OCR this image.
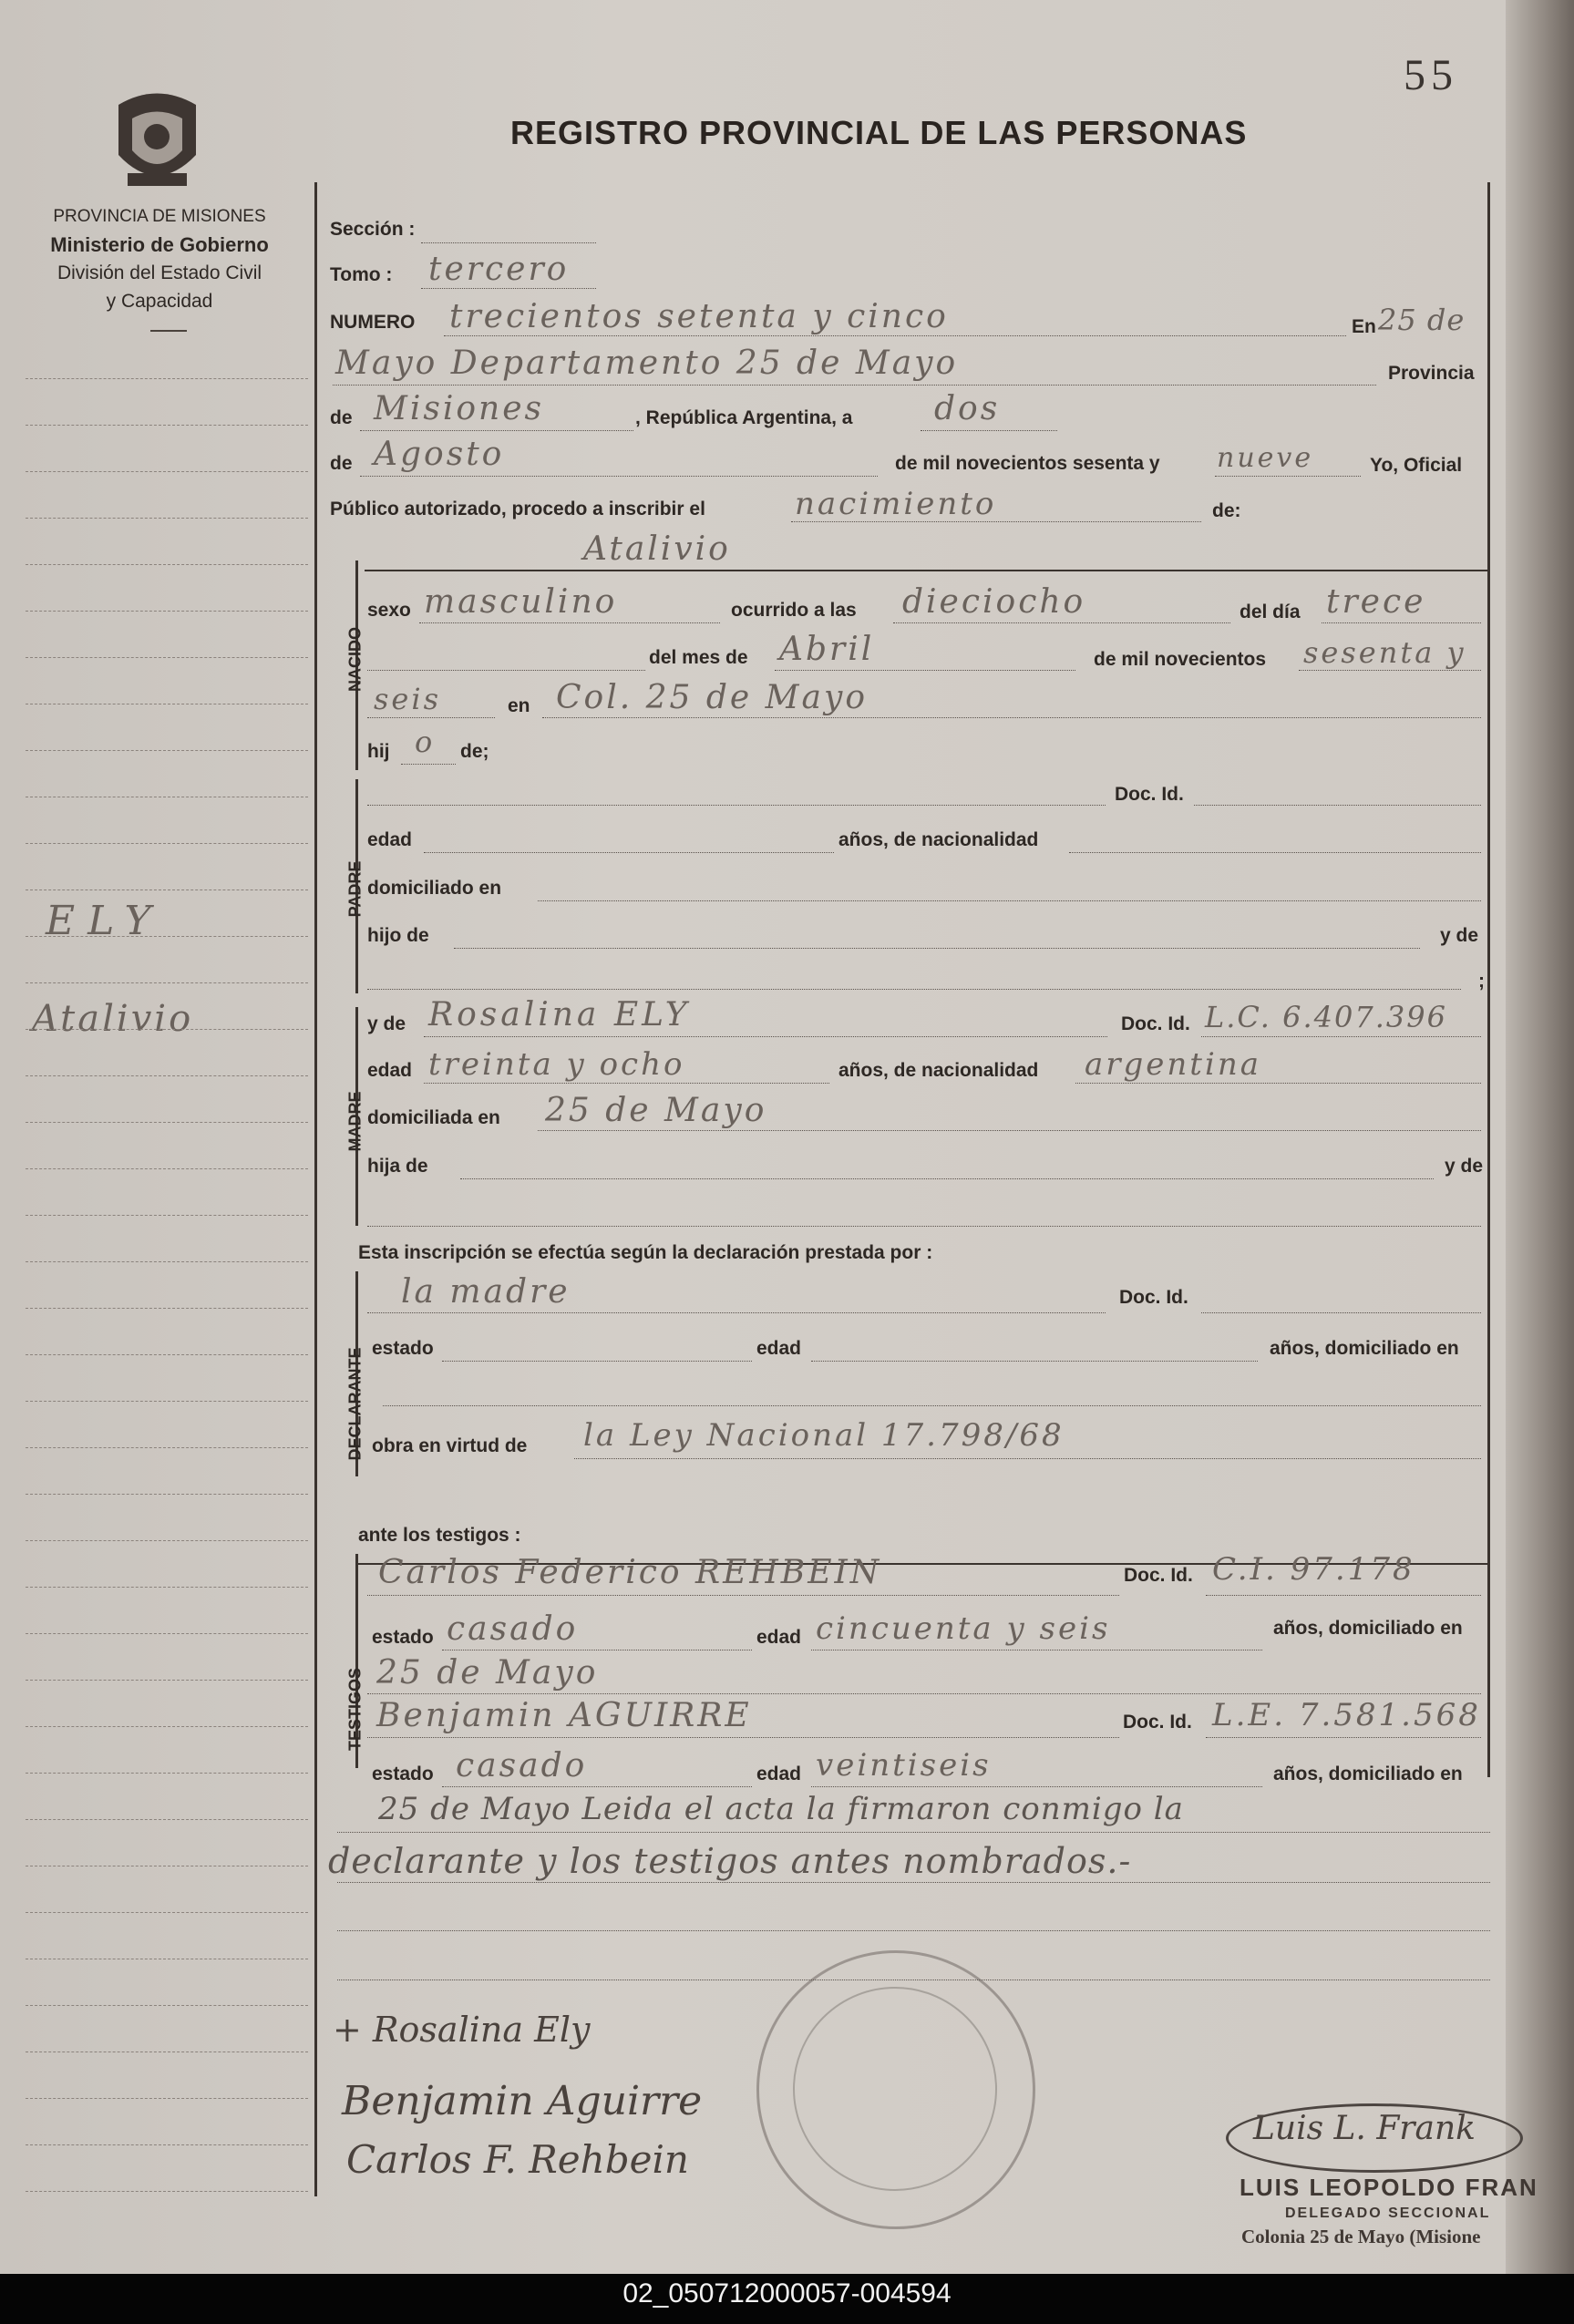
55
REGISTRO PROVINCIAL DE LAS PERSONAS
PROVINCIA DE MISIONES
Ministerio de Gobierno
División del Estado Civil
y Capacidad
ELY
Atalivio
Sección :
Tomo : tercero
NUMERO trecientos setenta y cinco	En 25 de
Mayo Departamento 25 de Mayo	Provincia
de Misiones	, República Argentina, a dos
de Agosto	de mil novecientos sesenta y nueve	Yo, Oficial
Público autorizado, procedo a inscribir el	nacimiento	de:
NACIDO
Atalivio
sexo masculino	ocurrido a las dieciocho	del día trece
del mes de Abril	de mil novecientos sesenta y
seis	en Col. 25 de Mayo
hij o de;
PADRE
Doc. Id.
edad	años, de nacionalidad
domiciliado en
hijo de	y de
;
MADRE
y de Rosalina ELY	Doc. Id. L.C. 6.407.396
edad treinta y ocho	años, de nacionalidad argentina
domiciliada en 25 de Mayo
hija de	y de
Esta inscripción se efectúa según la declaración prestada por :
DECLARANTE
la madre	Doc. Id.
estado	edad	años, domiciliado en
obra en virtud de la Ley Nacional 17.798/68
ante los testigos :
TESTIGOS
Carlos Federico REHBEIN	Doc. Id. C.I. 97.178
estado casado	edad cincuenta y seis	años, domiciliado en
25 de Mayo
Benjamin AGUIRRE	Doc. Id. L.E. 7.581.568
estado casado	edad veintiseis	años, domiciliado en
25 de Mayo Leida el acta la firmaron conmigo la
declarante y los testigos antes nombrados.-
+ Rosalina Ely
Benjamin Aguirre
Carlos F. Rehbein
Luis L. Frank
LUIS LEOPOLDO FRAN
DELEGADO SECCIONAL
Colonia 25 de Mayo (Misione
02_050712000057-004594
